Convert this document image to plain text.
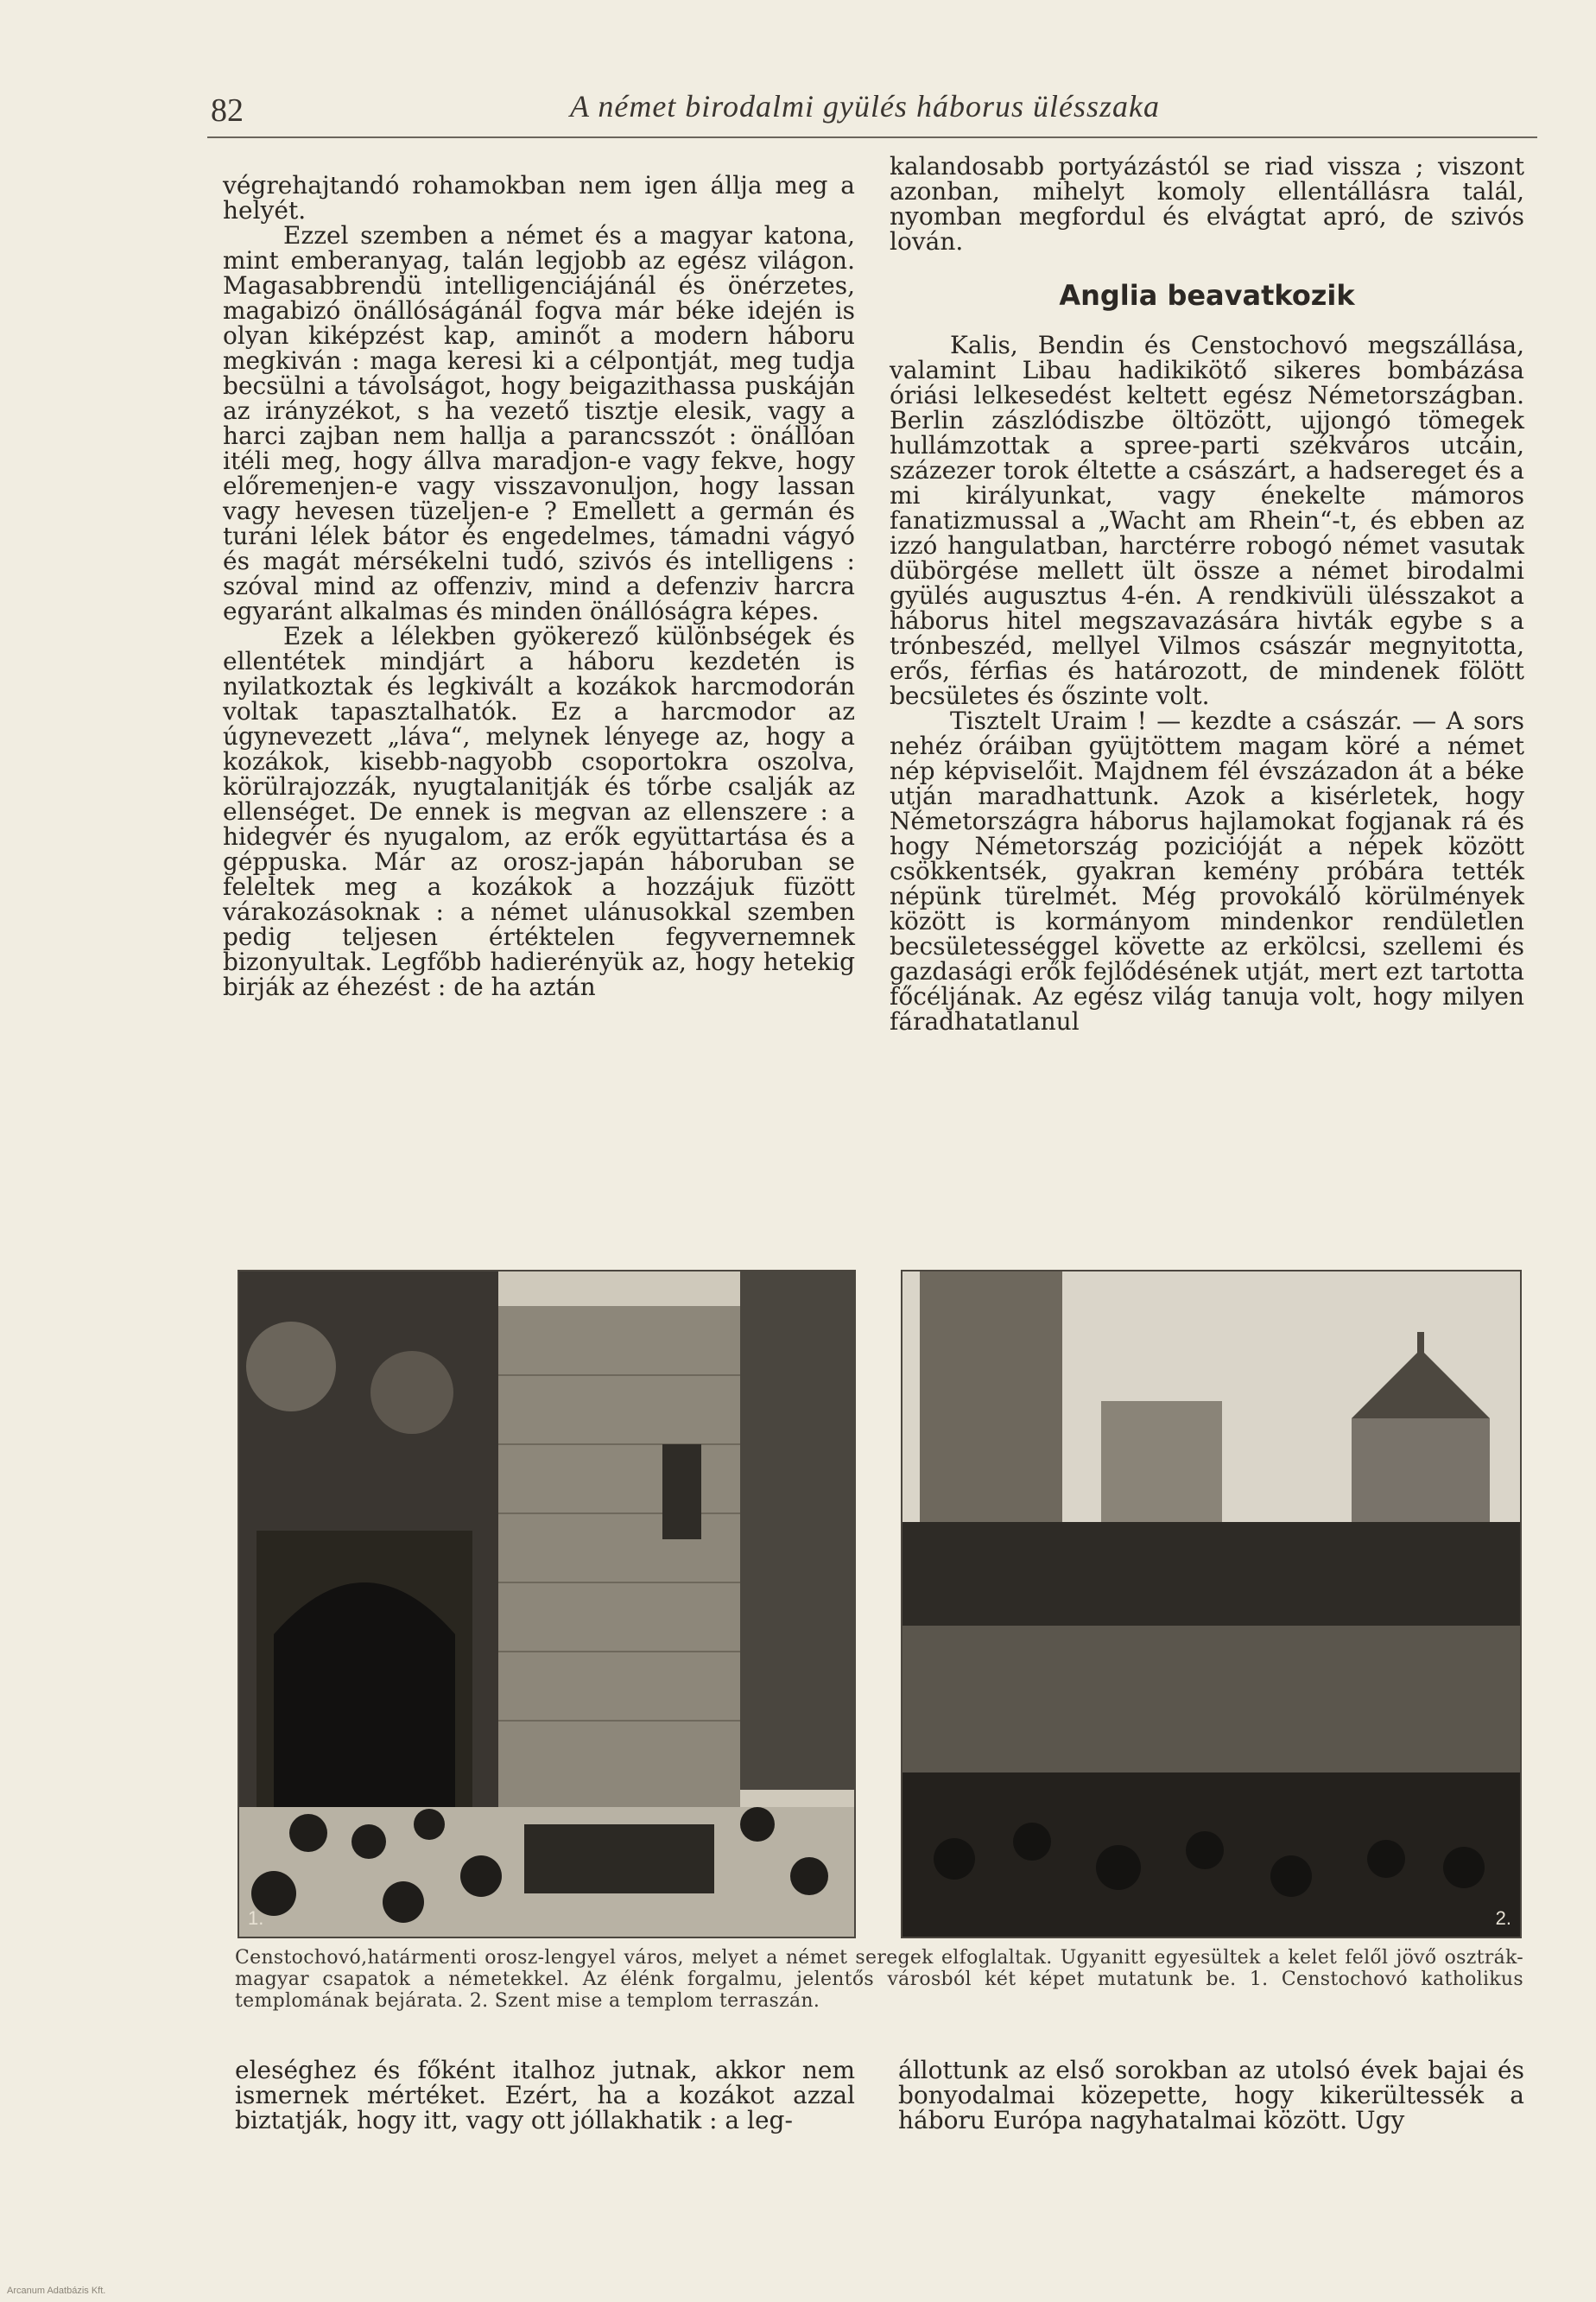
82	A német birodalmi gyülés háborus ülésszaka

végrehajtandó rohamokban nem igen állja meg a helyét.

Ezzel szemben a német és a magyar katona, mint emberanyag, talán legjobb az egész világon. Magasabbrendü intelligenciájánál és önérzetes, magabizó önállóságánál fogva már béke idején is olyan kiképzést kap, aminőt a modern háboru megkiván : maga keresi ki a célpontját, meg tudja becsülni a távolságot, hogy beigazithassa puskáján az irányzékot, s ha vezető tisztje elesik, vagy a harci zajban nem hallja a parancsszót : önállóan itéli meg, hogy állva maradjon-e vagy fekve, hogy előremenjen-e vagy visszavonuljon, hogy lassan vagy hevesen tüzeljen-e ? Emellett a germán és turáni lélek bátor és engedelmes, támadni vágyó és magát mérsékelni tudó, szivós és intelligens : szóval mind az offenziv, mind a defenziv harcra egyaránt alkalmas és minden önállóságra képes.

Ezek a lélekben gyökerező különbségek és ellentétek mindjárt a háboru kezdetén is nyilatkoztak és legkivált a kozákok harcmodorán voltak tapasztalhatók. Ez a harcmodor az úgynevezett „láva“, melynek lényege az, hogy a kozákok, kisebb-nagyobb csoportokra oszolva, körülrajozzák, nyugtalanitják és tőrbe csalják az ellenséget. De ennek is megvan az ellenszere : a hidegvér és nyugalom, az erők együttartása és a géppuska. Már az orosz-japán háboruban se feleltek meg a kozákok a hozzájuk füzött várakozásoknak : a német ulánusokkal szemben pedig teljesen értéktelen fegyvernemnek bizonyultak. Legfőbb hadierényük az, hogy hetekig birják az éhezést : de ha aztán

kalandosabb portyázástól se riad vissza ; viszont azonban, mihelyt komoly ellentállásra talál, nyomban megfordul és elvágtat apró, de szivós lován.

Anglia beavatkozik

Kalis, Bendin és Censtochovó megszállása, valamint Libau hadikikötő sikeres bombázása óriási lelkesedést keltett egész Németországban. Berlin zászlódiszbe öltözött, ujjongó tömegek hullámzottak a spree-parti székváros utcáin, százezer torok éltette a császárt, a hadsereget és a mi királyunkat, vagy énekelte mámoros fanatizmussal a „Wacht am Rhein“-t, és ebben az izzó hangulatban, harctérre robogó német vasutak dübörgése mellett ült össze a német birodalmi gyülés augusztus 4-én. A rendkivüli ülésszakot a háborus hitel megszavazására hivták egybe s a trónbeszéd, mellyel Vilmos császár megnyitotta, erős, férfias és határozott, de mindenek fölött becsületes és őszinte volt.

Tisztelt Uraim ! — kezdte a császár. — A sors nehéz óráiban gyüjtöttem magam köré a német nép képviselőit. Majdnem fél évszázadon át a béke utján maradhattunk. Azok a kisérletek, hogy Németországra háborus hajlamokat fogjanak rá és hogy Németország pozicióját a népek között csökkentsék, gyakran kemény próbára tették népünk türelmét. Még provokáló körülmények között is kormányom mindenkor rendületlen becsületességgel követte az erkölcsi, szellemi és gazdasági erők fejlődésének utját, mert ezt tartotta főcéljának. Az egész világ tanuja volt, hogy milyen fáradhatatlanul

1.	2.
Censtochovó,határmenti orosz-lengyel város, melyet a német seregek elfoglaltak. Ugyanitt egyesültek a kelet felől jövő osztrák-magyar csapatok a németekkel. Az élénk forgalmu, jelentős városból két képet mutatunk be. 1. Censtochovó katholikus templomának bejárata. 2. Szent mise a templom terraszán.

eleséghez és főként italhoz jutnak, akkor nem ismernek mértéket. Ezért, ha a kozákot azzal biztatják, hogy itt, vagy ott jóllakhatik : a leg-

állottunk az első sorokban az utolsó évek bajai és bonyodalmai közepette, hogy kikerültessék a háboru Európa nagyhatalmai között. Ugy

Arcanum Adatbázis Kft.
